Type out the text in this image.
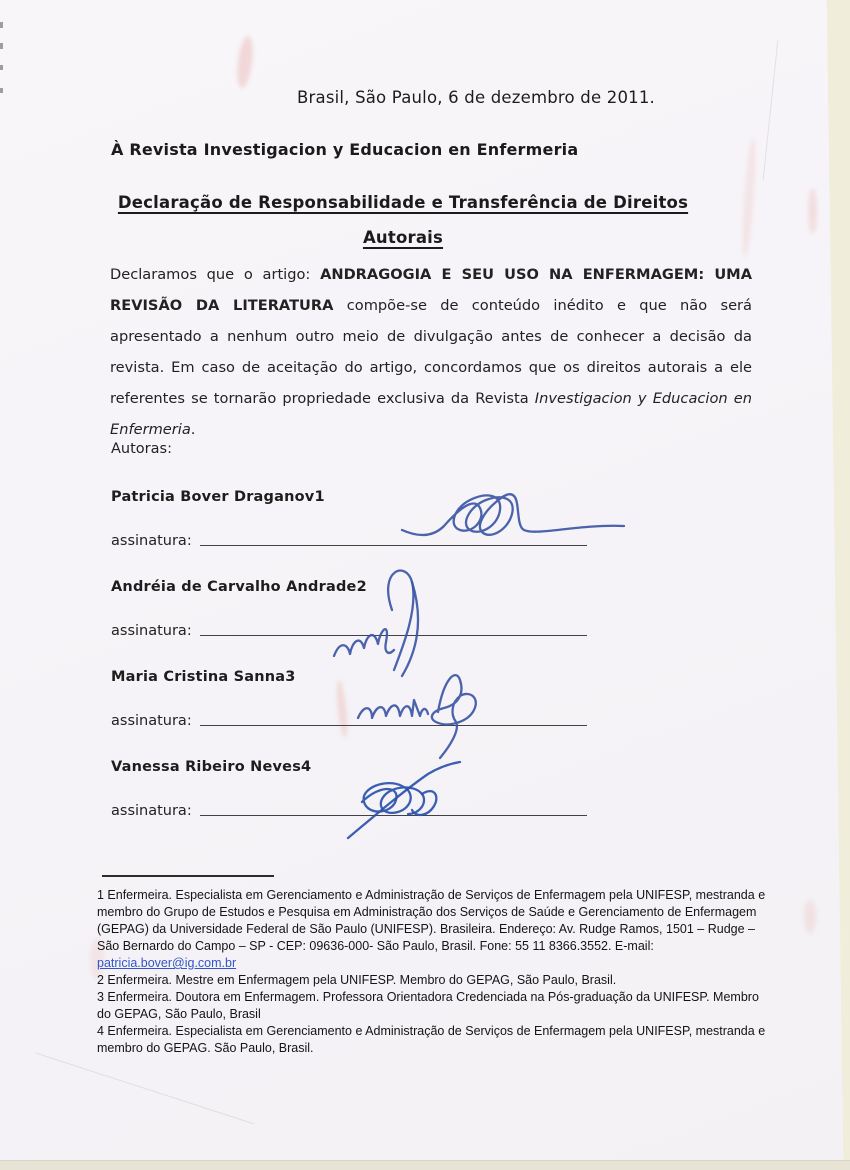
Brasil, São Paulo, 6 de dezembro de 2011.
À Revista Investigacion y Educacion en Enfermeria
Declaração de Responsabilidade e Transferência de Direitos Autorais
Declaramos que o artigo: ANDRAGOGIA E SEU USO NA ENFERMAGEM: UMA REVISÃO DA LITERATURA compõe-se de conteúdo inédito e que não será apresentado a nenhum outro meio de divulgação antes de conhecer a decisão da revista. Em caso de aceitação do artigo, concordamos que os direitos autorais a ele referentes se tornarão propriedade exclusiva da Revista Investigacion y Educacion en Enfermeria.
Autoras:
Patricia Bover Draganov1
assinatura:
Andréia de Carvalho Andrade2
assinatura:
Maria Cristina Sanna3
assinatura:
Vanessa Ribeiro Neves4
assinatura:

1 Enfermeira. Especialista em Gerenciamento e Administração de Serviços de Enfermagem pela UNIFESP, mestranda e membro do Grupo de Estudos e Pesquisa em Administração dos Serviços de Saúde e Gerenciamento de Enfermagem (GEPAG) da Universidade Federal de São Paulo (UNIFESP). Brasileira. Endereço: Av. Rudge Ramos, 1501 – Rudge – São Bernardo do Campo – SP - CEP: 09636-000- São Paulo, Brasil. Fone: 55 11 8366.3552. E-mail: patricia.bover@ig.com.br

2 Enfermeira. Mestre em Enfermagem pela UNIFESP. Membro do GEPAG, São Paulo, Brasil.

3 Enfermeira. Doutora em Enfermagem. Professora Orientadora Credenciada na Pós-graduação da UNIFESP. Membro do GEPAG, São Paulo, Brasil

4 Enfermeira. Especialista em Gerenciamento e Administração de Serviços de Enfermagem pela UNIFESP, mestranda e membro do GEPAG. São Paulo, Brasil.
